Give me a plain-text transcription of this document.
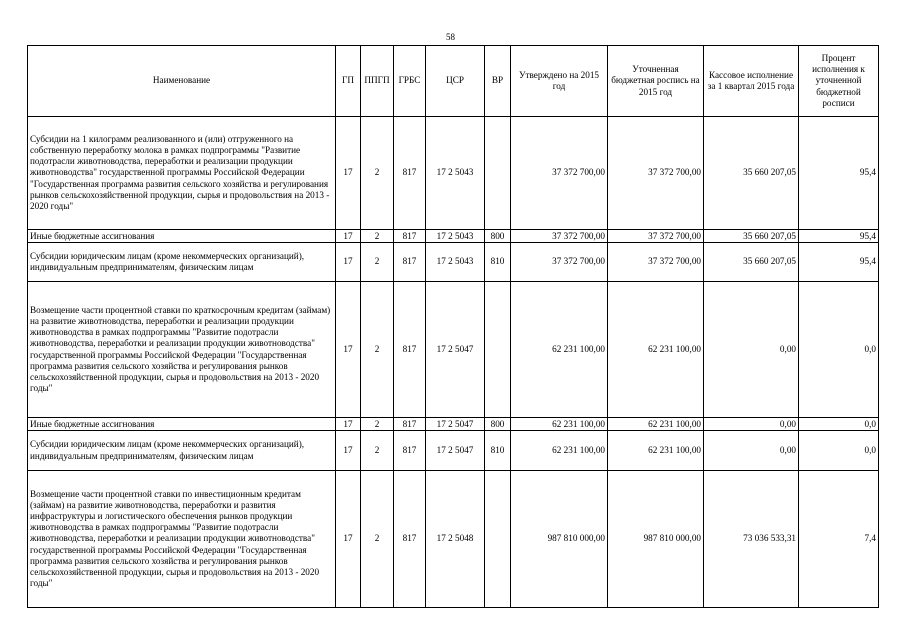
58
Наименование	ГП	ППГП	ГРБС	ЦСР	ВР	Утверждено на 2015 год	Уточненная бюджетная роспись на 2015 год	Кассовое исполнение за 1 квартал 2015 года	Процент исполнения к уточненной бюджетной росписи
Субсидии на 1 килограмм реализованного и (или) отгруженного на собственную переработку молока в рамках подпрограммы "Развитие подотрасли животноводства, переработки и реализации продукции животноводства" государственной программы Российской Федерации "Государственная программа развития сельского хозяйства и регулирования рынков сельскохозяйственной продукции, сырья и продовольствия на 2013 - 2020 годы"	17	2	817	17 2 5043		37 372 700,00	37 372 700,00	35 660 207,05	95,4
Иные бюджетные ассигнования	17	2	817	17 2 5043	800	37 372 700,00	37 372 700,00	35 660 207,05	95,4
Субсидии юридическим лицам (кроме некоммерческих организаций), индивидуальным предпринимателям, физическим лицам	17	2	817	17 2 5043	810	37 372 700,00	37 372 700,00	35 660 207,05	95,4
Возмещение части процентной ставки по краткосрочным кредитам (займам) на развитие животноводства, переработки и реализации продукции животноводства в рамках подпрограммы "Развитие подотрасли животноводства, переработки и реализации продукции животноводства" государственной программы Российской Федерации "Государственная программа развития сельского хозяйства и регулирования рынков сельскохозяйственной продукции, сырья и продовольствия на 2013 - 2020 годы"	17	2	817	17 2 5047		62 231 100,00	62 231 100,00	0,00	0,0
Иные бюджетные ассигнования	17	2	817	17 2 5047	800	62 231 100,00	62 231 100,00	0,00	0,0
Субсидии юридическим лицам (кроме некоммерческих организаций), индивидуальным предпринимателям, физическим лицам	17	2	817	17 2 5047	810	62 231 100,00	62 231 100,00	0,00	0,0
Возмещение части процентной ставки по инвестиционным кредитам (займам) на развитие животноводства, переработки и развития инфраструктуры и логистического обеспечения рынков продукции животноводства в рамках подпрограммы "Развитие подотрасли животноводства, переработки и реализации продукции животноводства" государственной программы Российской Федерации "Государственная программа развития сельского хозяйства и регулирования рынков сельскохозяйственной продукции, сырья и продовольствия на 2013 - 2020 годы"	17	2	817	17 2 5048		987 810 000,00	987 810 000,00	73 036 533,31	7,4
